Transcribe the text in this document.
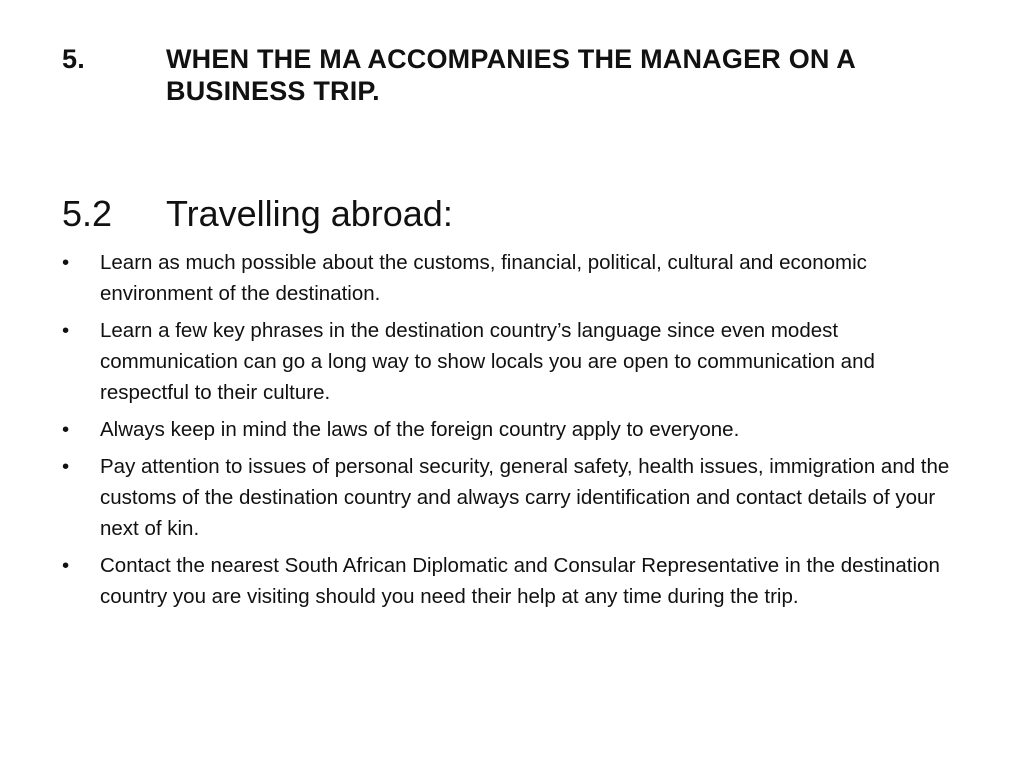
5.	WHEN THE MA ACCOMPANIES THE MANAGER ON A BUSINESS TRIP.
5.2 Travelling abroad:
•	Learn as much possible about the customs, financial, political, cultural and economic environment of the destination.
•	Learn a few key phrases in the destination country’s language since even modest communication can go a long way to show locals you are open to communication and respectful to their culture.
•	Always keep in mind the laws of the foreign country apply to everyone.
•	Pay attention to issues of personal security, general safety, health issues, immigration and the customs of the destination country and always carry identification and contact details of your next of kin.
•	Contact the nearest South African Diplomatic and Consular Representative in the destination country you are visiting should you need their help at any time during the trip.
